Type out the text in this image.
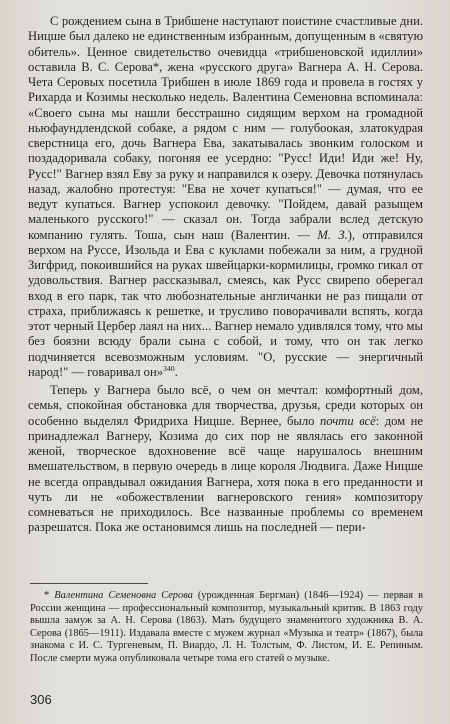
С рождением сына в Трибшене наступают поистине счастливые дни. Ницше был далеко не единственным избранным, допущенным в «святую обитель». Ценное свидетельство очевидца «трибшеновской идиллии» оставила В. С. Серова*, жена «русского друга» Вагнера А. Н. Серова. Чета Серовых посетила Трибшен в июле 1869 года и провела в гостях у Рихарда и Козимы несколько недель. Валентина Семеновна вспоминала: «Своего сына мы нашли бесстрашно сидящим верхом на громадной ньюфаундлендской собаке, а рядом с ним — голубоокая, златокудрая сверстница его, дочь Вагнера Ева, закатывалась звонким голоском и поздадоривала собаку, погоняя ее усердно: "Русс! Иди! Иди же! Ну, Русс!" Вагнер взял Еву за руку и направился к озеру. Девочка потянулась назад, жалобно протестуя: "Ева не хочет купаться!" — думая, что ее ведут купаться. Вагнер успокоил девочку. "Пойдем, давай разыщем маленького русского!" — сказал он. Тогда забрали вслед детскую компанию гулять. Тоша, сын наш (Валентин. — М. З.), отправился верхом на Руссе, Изольда и Ева с куклами побежали за ним, а грудной Зигфрид, покоившийся на руках швейцарки-кормилицы, громко гикал от удовольствия. Вагнер рассказывал, смеясь, как Русс свирепо оберегал вход в его парк, так что любознательные англичанки не раз пищали от страха, приближаясь к решетке, и трусливо поворачивали вспять, когда этот черный Цербер лаял на них... Вагнер немало удивлялся тому, что мы без боязни всюду брали сына с собой, и тому, что он так легко подчиняется всевозможным условиям. "О, русские — энергичный народ!" — говаривал он»$^{340}$.

Теперь у Вагнера было всё, о чем он мечтал: комфортный дом, семья, спокойная обстановка для творчества, друзья, среди которых он особенно выделял Фридриха Ницше. Вернее, было почти всё: дом не принадлежал Вагнеру, Козима до сих пор не являлась его законной женой, творческое вдохновение всё чаще нарушалось внешним вмешательством, в первую очередь в лице короля Людвига. Даже Ницше не всегда оправдывал ожидания Вагнера, хотя пока в его преданности и чуть ли не «обожествлении вагнеровского гения» композитору сомневаться не приходилось. Все названные проблемы со временем разрешатся. Пока же остановимся лишь на последней — пери-

* Валентина Семеновна Серова (урожденная Бергман) (1846—1924) — первая в России женщина — профессиональный композитор, музыкальный критик. В 1863 году вышла замуж за А. Н. Серова (1863). Мать будущего знаменитого художника В. А. Серова (1865—1911). Издавала вместе с мужем журнал «Музыка и театр» (1867), была знакома с И. С. Тургеневым, П. Виардо, Л. Н. Толстым, Ф. Листом, И. Е. Репиным. После смерти мужа опубликовала четыре тома его статей о музыке.

306
